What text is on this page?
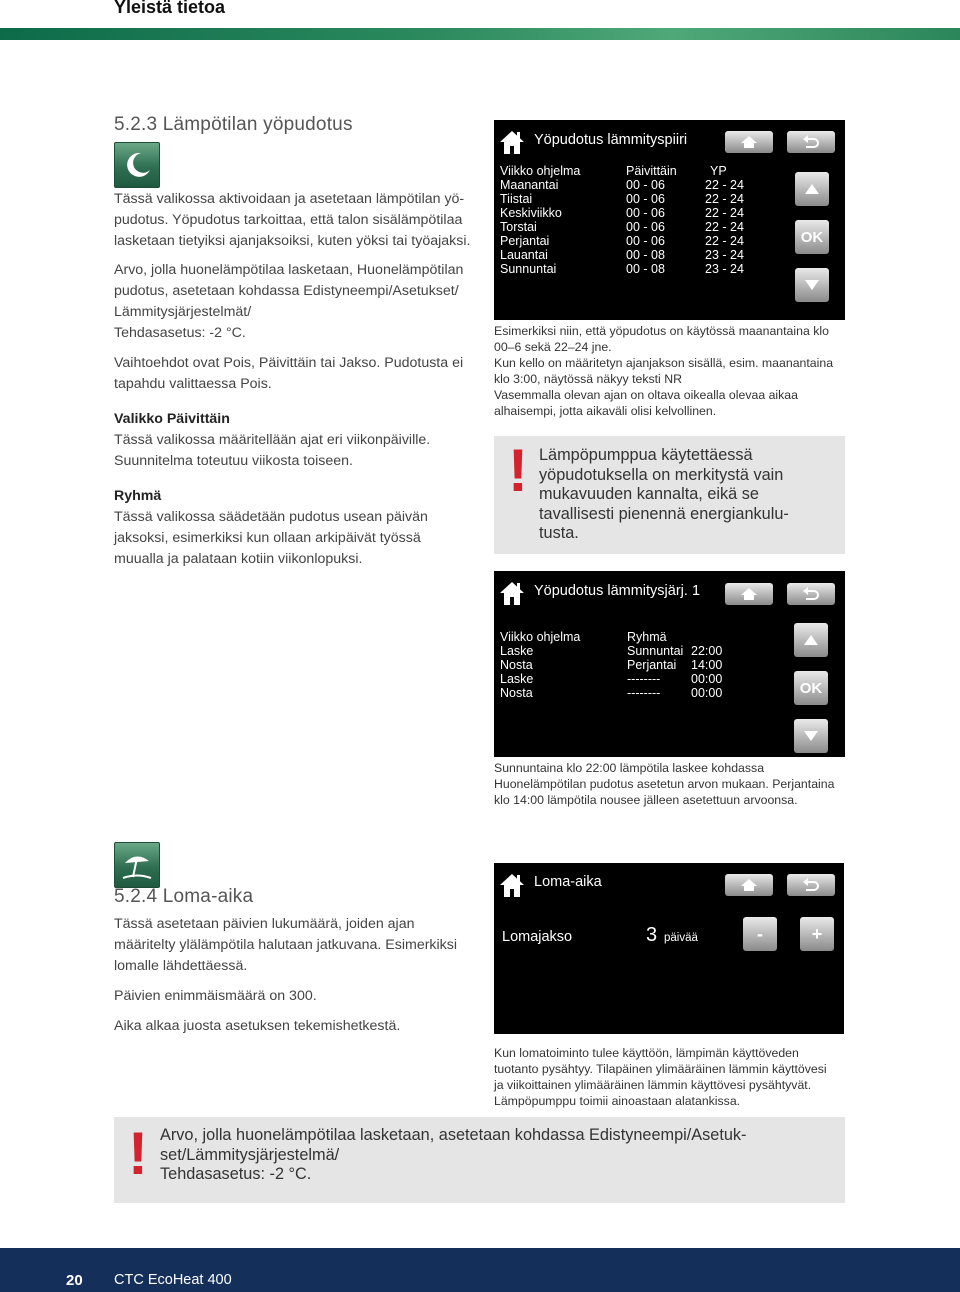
Yleistä tietoa
5.2.3 Lämpötilan yöpudotus
Tässä valikossa aktivoidaan ja asetetaan lämpötilan yö-
pudotus. Yöpudotus tarkoittaa, että talon sisälämpötilaa
lasketaan tietyiksi ajanjaksoiksi, kuten yöksi tai työajaksi.
Arvo, jolla huonelämpötilaa lasketaan, Huonelämpötilan
pudotus, asetetaan kohdassa Edistyneempi/Asetukset/
Lämmitysjärjestelmät/
Tehdasasetus: -2 °C.
Vaihtoehdot ovat Pois, Päivittäin tai Jakso. Pudotusta ei
tapahdu valittaessa Pois.
Valikko Päivittäin
Tässä valikossa määritellään ajat eri viikonpäiville.
Suunnitelma toteutuu viikosta toiseen.
Ryhmä
Tässä valikossa säädetään pudotus usean päivän
jaksoksi, esimerkiksi kun ollaan arkipäivät työssä
muualla ja palataan kotiin viikonlopuksi.
Yöpudotus lämmityspiiri
OK
Viikko ohjelma	Päivittäin	YP
Maanantai	00 - 06	22 - 24
Tiistai	00 - 06	22 - 24
Keskiviikko	00 - 06	22 - 24
Torstai	00 - 06	22 - 24
Perjantai	00 - 06	22 - 24
Lauantai	00 - 08	23 - 24
Sunnuntai	00 - 08	23 - 24
Esimerkiksi niin, että yöpudotus on käytössä maanantaina klo
00–6 sekä 22–24 jne.
Kun kello on määritetyn ajanjakson sisällä, esim. maanantaina
klo 3:00, näytössä näkyy teksti NR
Vasemmalla olevan ajan on oltava oikealla olevaa aikaa
alhaisempi, jotta aikaväli olisi kelvollinen.
! Lämpöpumppua käytettäessä
yöpudotuksella on merkitystä vain
mukavuuden kannalta, eikä se
tavallisesti pienennä energiankulu-
tusta.
Yöpudotus lämmitysjärj. 1
OK
Viikko ohjelma	Ryhmä
Laske	Sunnuntai 22:00
Nosta	Perjantai 14:00
Laske	-------- 00:00
Nosta	-------- 00:00
Sunnuntaina klo 22:00 lämpötila laskee kohdassa
Huonelämpötilan pudotus asetetun arvon mukaan. Perjantaina
klo 14:00 lämpötila nousee jälleen asetettuun arvoonsa.
5.2.4 Loma-aika
Tässä asetetaan päivien lukumäärä, joiden ajan
määritelty ylälämpötila halutaan jatkuvana. Esimerkiksi
lomalle lähdettäessä.
Päivien enimmäismäärä on 300.
Aika alkaa juosta asetuksen tekemishetkestä.
Loma-aika
Lomajakso	3 päivää	-	+
Kun lomatoiminto tulee käyttöön, lämpimän käyttöveden
tuotanto pysähtyy. Tilapäinen ylimääräinen lämmin käyttövesi
ja viikoittainen ylimääräinen lämmin käyttövesi pysähtyvät.
Lämpöpumppu toimii ainoastaan alatankissa.
! Arvo, jolla huonelämpötilaa lasketaan, asetetaan kohdassa Edistyneempi/Asetuk-
set/Lämmitysjärjestelmä/
Tehdasasetus: -2 °C.
20 CTC EcoHeat 400
